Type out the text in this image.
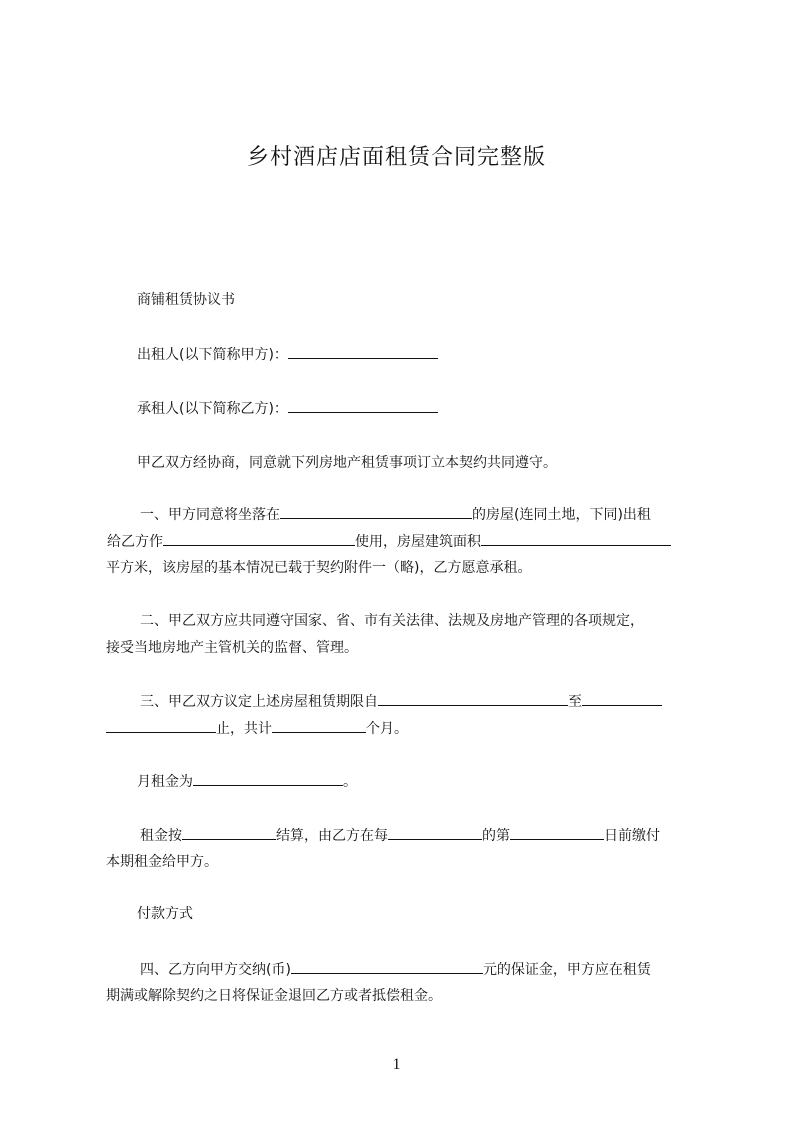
乡村酒店店面租赁合同完整版
商铺租赁协议书
出租人(以下简称甲方)：
承租人(以下简称乙方)：
甲乙双方经协商，同意就下列房地产租赁事项订立本契约共同遵守。
一、甲方同意将坐落在	的房屋(连同土地，下同)出租
给乙方作	使用，房屋建筑面积
平方米，该房屋的基本情况已载于契约附件一（略)，乙方愿意承租。
二、甲乙双方应共同遵守国家、省、市有关法律、法规及房地产管理的各项规定，
接受当地房地产主管机关的监督、管理。
三、甲乙双方议定上述房屋租赁期限自	至
止，共计	个月。
月租金为	。
租金按	结算，由乙方在每	的第	日前缴付
本期租金给甲方。
付款方式
四、乙方向甲方交纳(币)	元的保证金，甲方应在租赁
期满或解除契约之日将保证金退回乙方或者抵偿租金。
1
